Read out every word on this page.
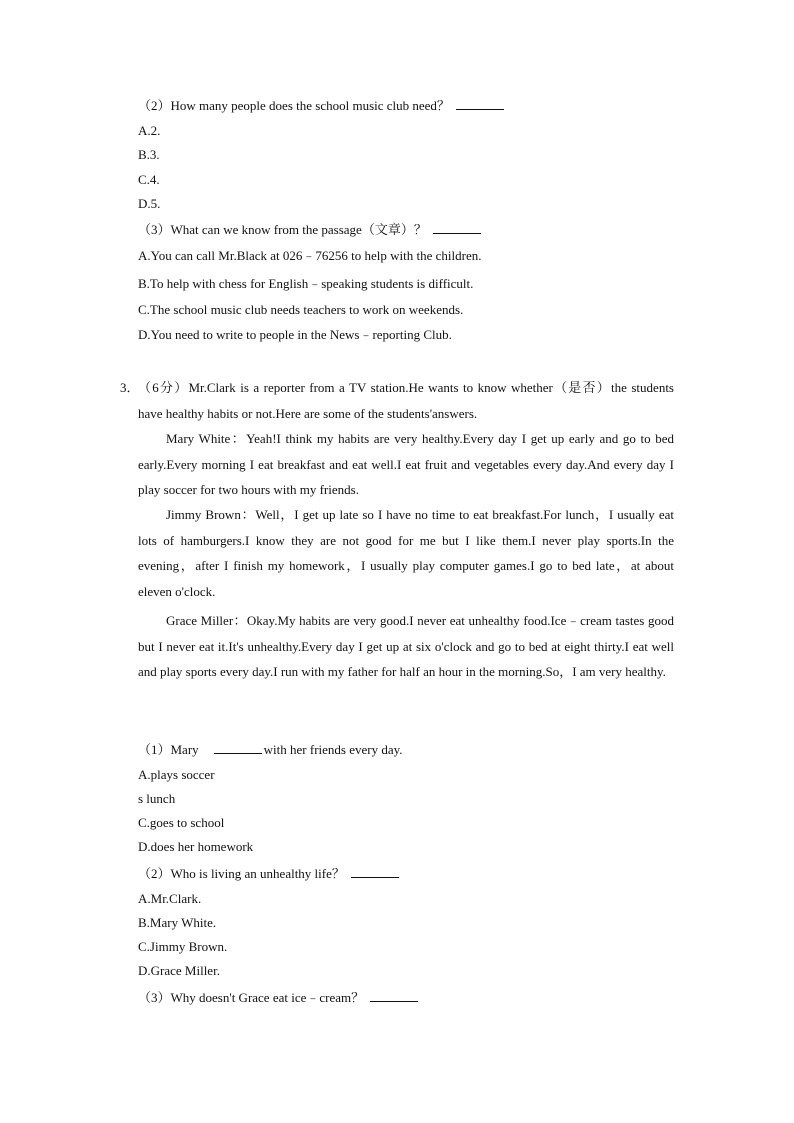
（2）How many people does the school music club need？
A.2.
B.3.
C.4.
D.5.
（3）What can we know from the passage（文章）？
A.You can call Mr.Black at 026﹣76256 to help with the children.
B.To help with chess for English﹣speaking students is difficult.
C.The school music club needs teachers to work on weekends.
D.You need to write to people in the News﹣reporting Club.
3．
（6分）Mr.Clark is a reporter from a TV station.He wants to know whether（是否）the students have healthy habits or not.Here are some of the students'answers.
Mary White：Yeah!I think my habits are very healthy.Every day I get up early and go to bed early.Every morning I eat breakfast and eat well.I eat fruit and vegetables every day.And every day I play soccer for two hours with my friends.
Jimmy Brown：Well，I get up late so I have no time to eat breakfast.For lunch，I usually eat lots of hamburgers.I know they are not good for me but I like them.I never play sports.In the evening，after I finish my homework，I usually play computer games.I go to bed late，at about eleven o'clock.
Grace Miller：Okay.My habits are very good.I never eat unhealthy food.Ice﹣cream tastes good but I never eat it.It's unhealthy.Every day I get up at six o'clock and go to bed at eight thirty.I eat well and play sports every day.I run with my father for half an hour in the morning.So，I am very healthy.
（1）Mary	with her friends every day.
A.plays soccer
s lunch
C.goes to school
D.does her homework
（2）Who is living an unhealthy life？
A.Mr.Clark.
B.Mary White.
C.Jimmy Brown.
D.Grace Miller.
（3）Why doesn't Grace eat ice﹣cream？
